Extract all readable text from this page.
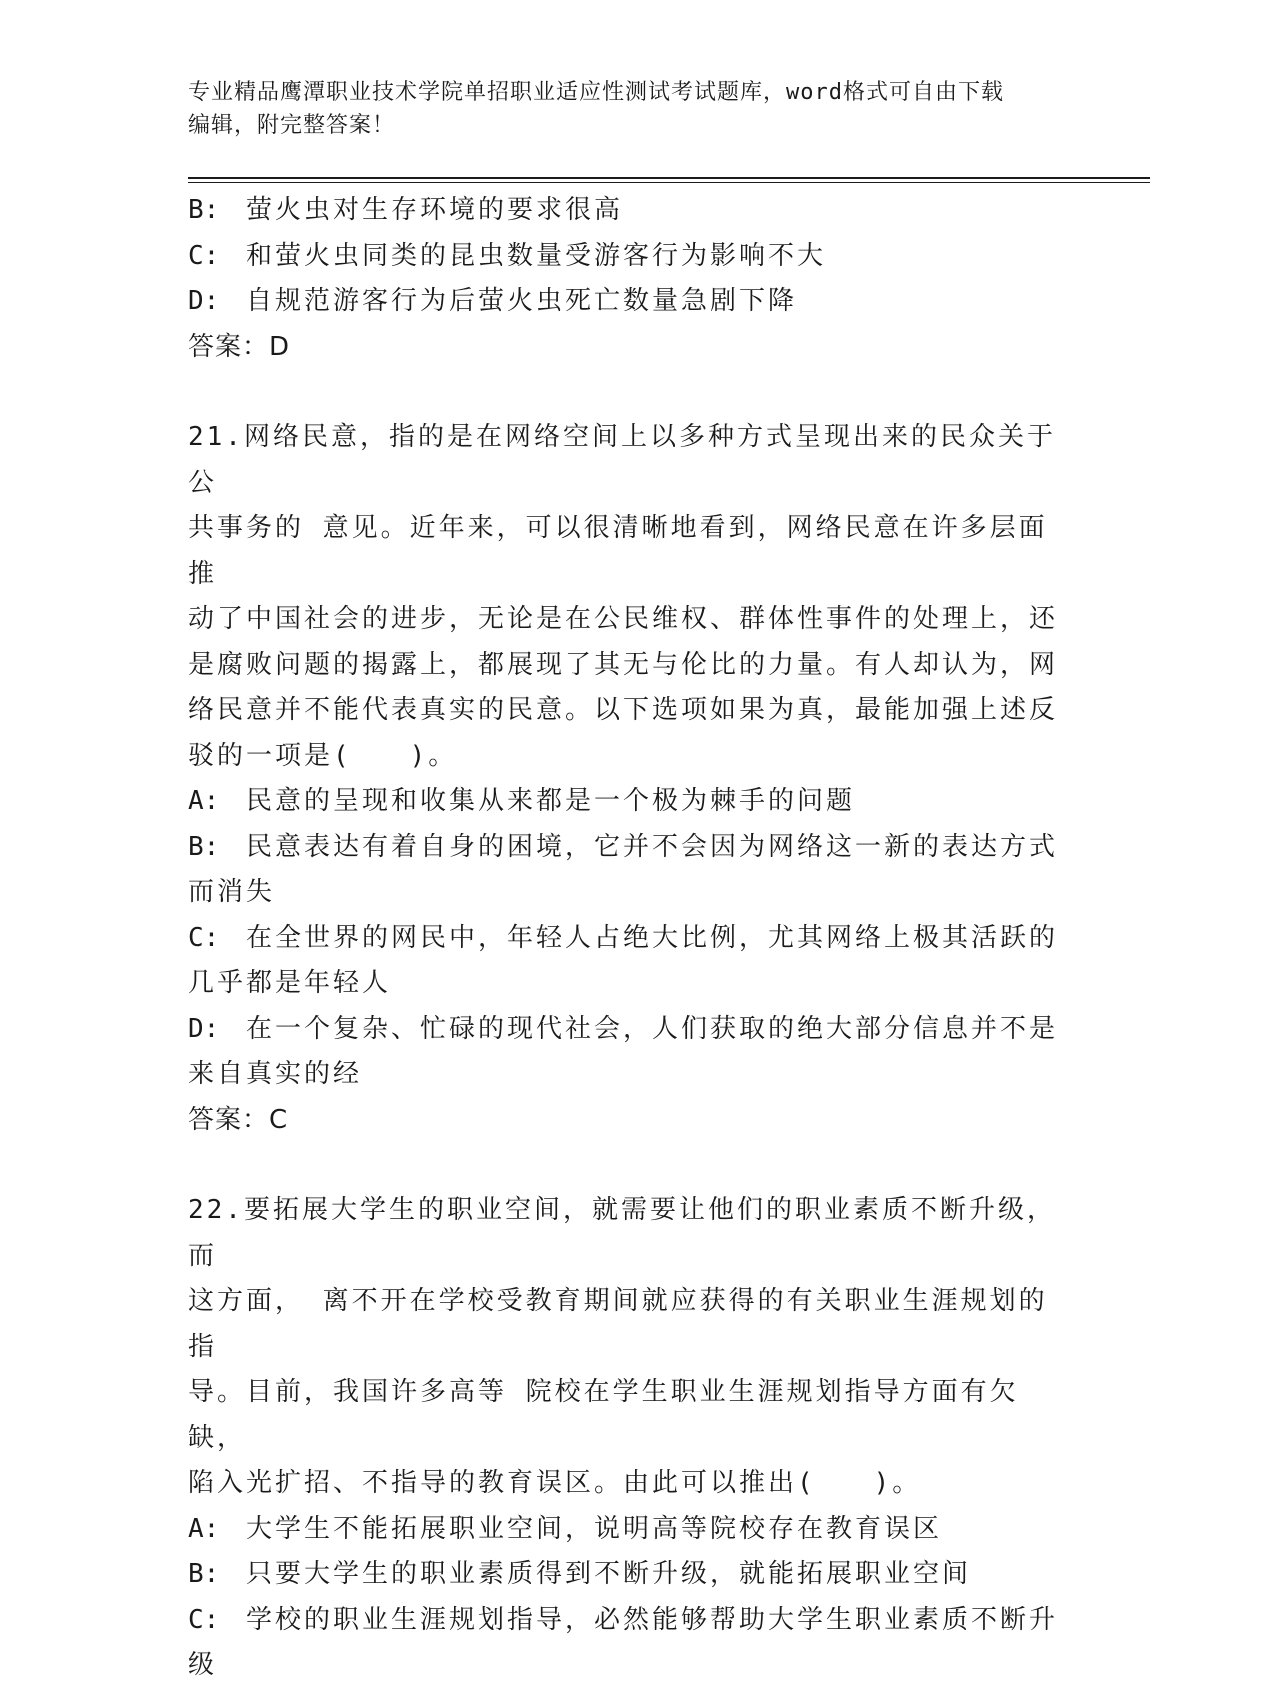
专业精品鹰潭职业技术学院单招职业适应性测试考试题库，word格式可自由下载
编辑，附完整答案！
B:	萤火虫对生存环境的要求很高
C:	和萤火虫同类的昆虫数量受游客行为影响不大
D:	自规范游客行为后萤火虫死亡数量急剧下降
答案：D

21.网络民意，指的是在网络空间上以多种方式呈现出来的民众关于公

共事务的 意见。近年来，可以很清晰地看到，网络民意在许多层面推

动了中国社会的进步，无论是在公民维权、群体性事件的处理上，还

是腐败问题的揭露上，都展现了其无与伦比的力量。有人却认为，网

络民意并不能代表真实的民意。以下选项如果为真，最能加强上述反

驳的一项是(　　)。

A:	民意的呈现和收集从来都是一个极为棘手的问题
B:	民意表达有着自身的困境，它并不会因为网络这一新的表达方式

而消失

C:	在全世界的网民中，年轻人占绝大比例，尤其网络上极其活跃的

几乎都是年轻人

D:	在一个复杂、忙碌的现代社会，人们获取的绝大部分信息并不是

来自真实的经

答案：C

22.要拓展大学生的职业空间，就需要让他们的职业素质不断升级，而

这方面， 离不开在学校受教育期间就应获得的有关职业生涯规划的指

导。目前，我国许多高等 院校在学生职业生涯规划指导方面有欠缺，

陷入光扩招、不指导的教育误区。由此可以推出(　　)。

A:	大学生不能拓展职业空间，说明高等院校存在教育误区
B:	只要大学生的职业素质得到不断升级，就能拓展职业空间
C:	学校的职业生涯规划指导，必然能够帮助大学生职业素质不断升

级
